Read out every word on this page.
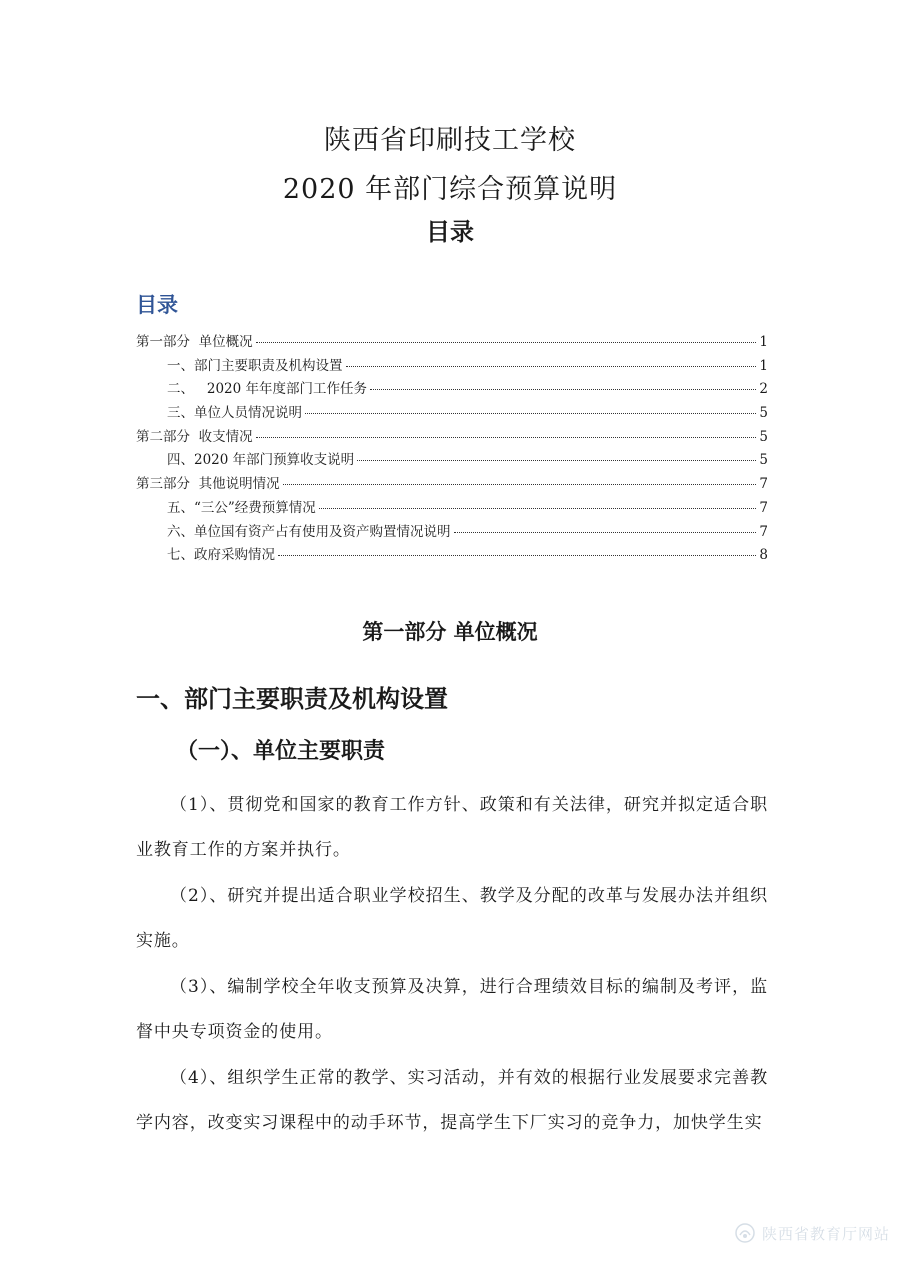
陕西省印刷技工学校
2020 年部门综合预算说明
目录
目录
第一部分  单位概况	1
一、部门主要职责及机构设置	1
二、   2020 年年度部门工作任务	2
三、单位人员情况说明	5
第二部分  收支情况	5
四、2020 年部门预算收支说明	5
第三部分  其他说明情况	7
五、“三公”经费预算情况	7
六、单位国有资产占有使用及资产购置情况说明	7
七、政府采购情况	8
第一部分 单位概况
一、部门主要职责及机构设置
（一）、单位主要职责

（1）、贯彻党和国家的教育工作方针、政策和有关法律，研究并拟定适合职业教育工作的方案并执行。

（2）、研究并提出适合职业学校招生、教学及分配的改革与发展办法并组织实施。

（3）、编制学校全年收支预算及决算，进行合理绩效目标的编制及考评，监督中央专项资金的使用。

（4）、组织学生正常的教学、实习活动，并有效的根据行业发展要求完善教学内容，改变实习课程中的动手环节，提高学生下厂实习的竞争力，加快学生实

陕西省教育厅网站
